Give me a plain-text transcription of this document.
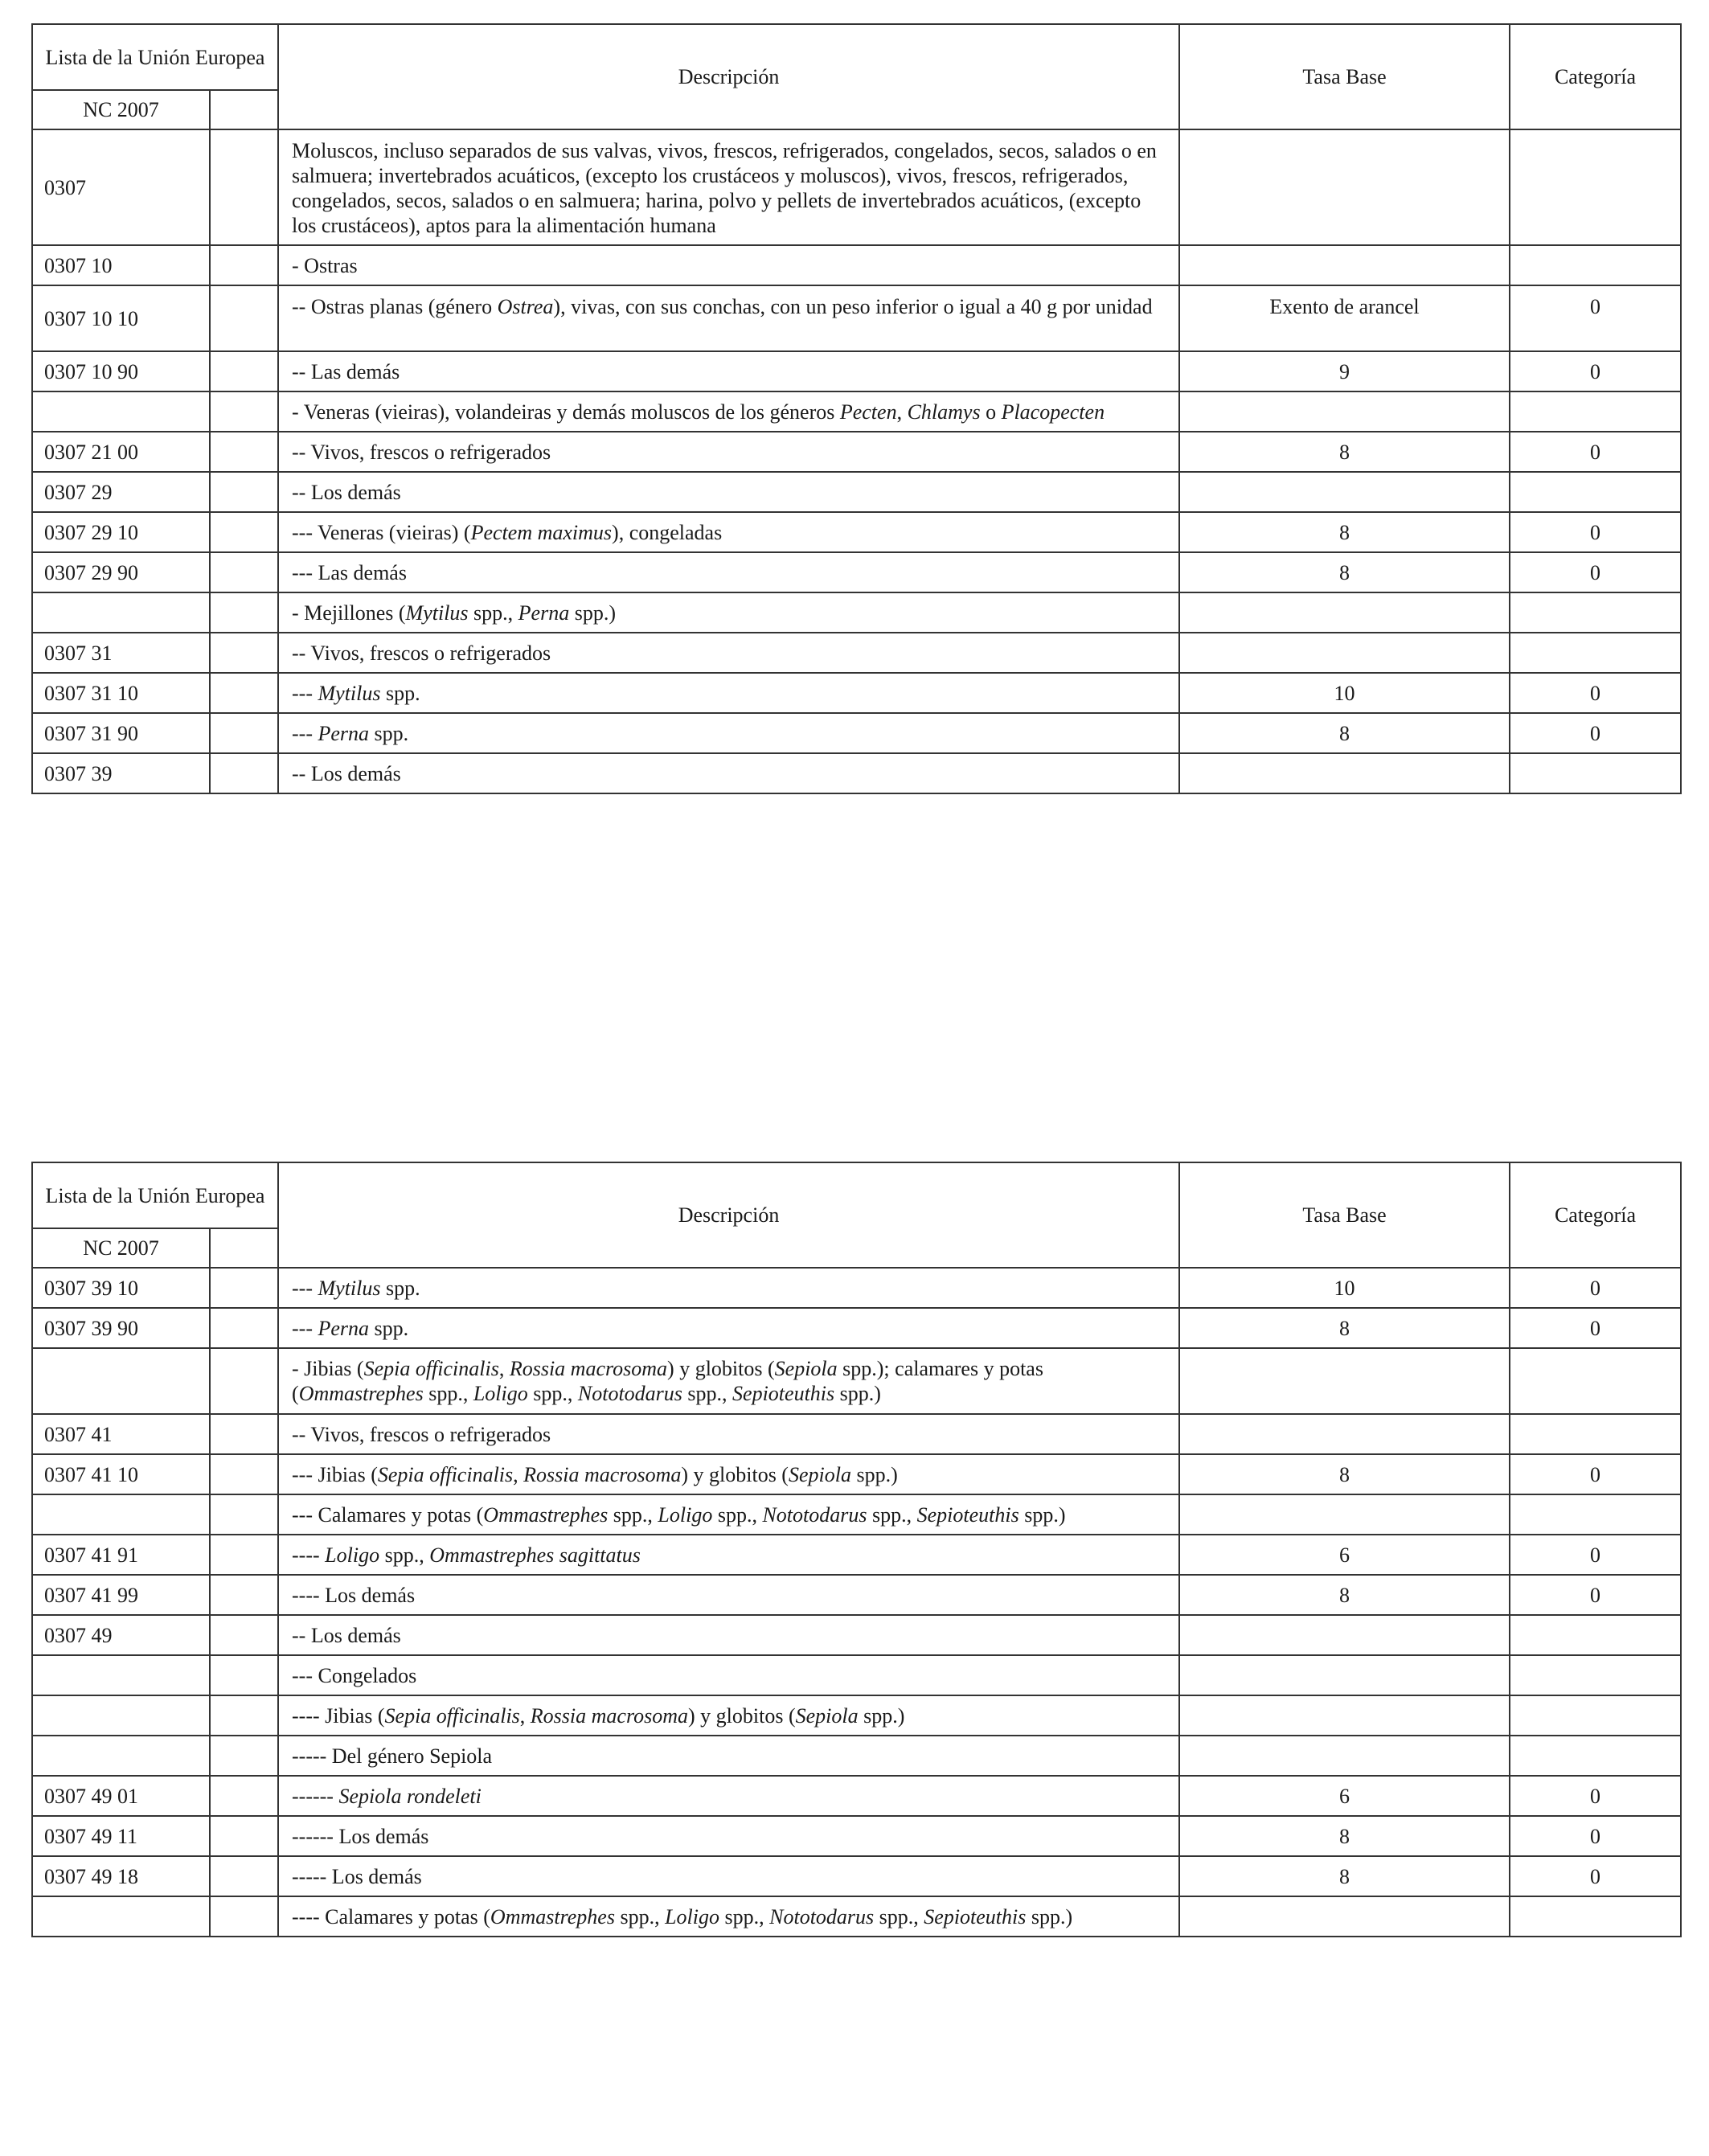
Lista de la Unión Europea		Descripción	Tasa Base	Categoría
NC 2007				
0307		Moluscos, incluso separados de sus valvas, vivos, frescos, refrigerados, congelados, secos, salados o en salmuera; invertebrados acuáticos, (excepto los crustáceos y moluscos), vivos, frescos, refrigerados, congelados, secos, salados o en salmuera; harina, polvo y pellets de invertebrados acuáticos, (excepto los crustáceos), aptos para la alimentación humana		
0307 10		- Ostras		
0307 10 10		-- Ostras planas (género Ostrea), vivas, con sus conchas, con un peso inferior o igual a 40 g por unidad	Exento de arancel	0
0307 10 90		-- Las demás	9	0
		- Veneras (vieiras), volandeiras y demás moluscos de los géneros Pecten, Chlamys o Placopecten		
0307 21 00		-- Vivos, frescos o refrigerados	8	0
0307 29		-- Los demás		
0307 29 10		--- Veneras (vieiras) (Pectem maximus), congeladas	8	0
0307 29 90		--- Las demás	8	0
		- Mejillones (Mytilus spp., Perna spp.)		
0307 31		-- Vivos, frescos o refrigerados		
0307 31 10		--- Mytilus spp.	10	0
0307 31 90		--- Perna spp.	8	0
0307 39		-- Los demás		
Lista de la Unión Europea		Descripción	Tasa Base	Categoría
NC 2007				
0307 39 10		--- Mytilus spp.	10	0
0307 39 90		--- Perna spp.	8	0
		- Jibias (Sepia officinalis, Rossia macrosoma) y globitos (Sepiola spp.); calamares y potas (Ommastrephes spp., Loligo spp., Nototodarus spp., Sepioteuthis spp.)		
0307 41		-- Vivos, frescos o refrigerados		
0307 41 10		--- Jibias (Sepia officinalis, Rossia macrosoma) y globitos (Sepiola spp.)	8	0
		--- Calamares y potas (Ommastrephes spp., Loligo spp., Nototodarus spp., Sepioteuthis spp.)		
0307 41 91		---- Loligo spp., Ommastrephes sagittatus	6	0
0307 41 99		---- Los demás	8	0
0307 49		-- Los demás		
		--- Congelados		
		---- Jibias (Sepia officinalis, Rossia macrosoma) y globitos (Sepiola spp.)		
		----- Del género Sepiola		
0307 49 01		------ Sepiola rondeleti	6	0
0307 49 11		------ Los demás	8	0
0307 49 18		----- Los demás	8	0
		---- Calamares y potas (Ommastrephes spp., Loligo spp., Nototodarus spp., Sepioteuthis spp.)		
